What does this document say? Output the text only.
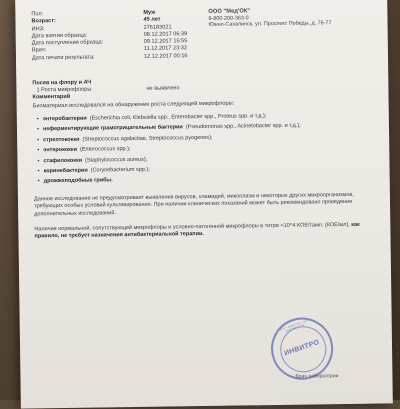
Пол:	Муж
Возраст:	45 лет
ИНЗ:	276183021
Дата взятия образца:	08.12.2017 06:39
Дата поступления образца:	09.12.2017 15:55
Врач:	11.12.2017 23:32
Дата печати результата:	12.12.2017 00:16
ООО "Мед'ОК"
8-800-200-363-0
Южно-Сахалинск, ул. Проспект Победы, д. 76-77
Посев на флору и АЧ
1 Роста микрофлоры	не выявлено
Комментарий
Биоматериал исследовался на обнаружение роста следующей микрофлоры:
• энтеробактерии (Escherichia coli, Klebsiella spp., Enterobacter spp., Proteus spp. и т.д.);
• неферментирующие грамотрицательные бактерии (Pseudomonas spp., Acinetobacter spp. и т.д.);
• стрептококки (Streptococcus agalactiae, Streptococcus pyogenes);
• энтерококки (Enterococcus spp.);
• стафилококки (Staphylococcus aureus);
• коринебактерии (Corynebacterium spp.);
• дрожжеподобные грибы.
Данное исследование не предусматривает выявления вирусов, хламидий, микоплазм и некоторых других микроорганизмов, требующих особых условий культивирования. При наличии клинических показаний может быть рекомендовано проведение дополнительных исследований.
Наличие нормальной, сопутствующей микрофлоры и условно-патогенной микрофлоры в титре <10^4 КОЕ/тамп. (КОЕ/мл), как правило, не требует назначения антибактериальной терапии.
ООО • ИНВИТРО • ДЛЯ ДОКУМЕНТОВ
ИНВИТРО
Врач лаборатории
